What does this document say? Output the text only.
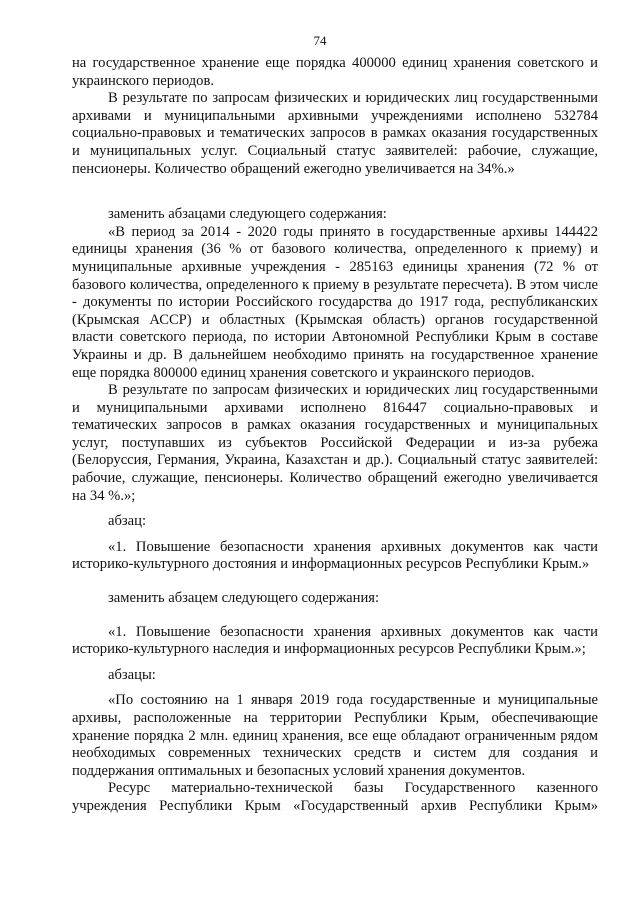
74

на государственное хранение еще порядка 400000 единиц хранения советского и украинского периодов.

В результате по запросам физических и юридических лиц государственными архивами и муниципальными архивными учреждениями исполнено 532784 социально-правовых и тематических запросов в рамках оказания государственных и муниципальных услуг. Социальный статус заявителей: рабочие, служащие, пенсионеры. Количество обращений ежегодно увеличивается на 34%.»

заменить абзацами следующего содержания:

«В период за 2014 - 2020 годы принято в государственные архивы 144422 единицы хранения (36 % от базового количества, определенного к приему) и муниципальные архивные учреждения - 285163 единицы хранения (72 % от базового количества, определенного к приему в результате пересчета). В этом числе - документы по истории Российского государства до 1917 года, республиканских (Крымская АССР) и областных (Крымская область) органов государственной власти советского периода, по истории Автономной Республики Крым в составе Украины и др. В дальнейшем необходимо принять на государственное хранение еще порядка 800000 единиц хранения советского и украинского периодов.

В результате по запросам физических и юридических лиц государственными и муниципальными архивами исполнено 816447 социально-правовых и тематических запросов в рамках оказания государственных и муниципальных услуг, поступавших из субъектов Российской Федерации и из-за рубежа (Белоруссия, Германия, Украина, Казахстан и др.). Социальный статус заявителей: рабочие, служащие, пенсионеры. Количество обращений ежегодно увеличивается на 34 %.»;

абзац:

«1. Повышение безопасности хранения архивных документов как части историко-культурного достояния и информационных ресурсов Республики Крым.»

заменить абзацем следующего содержания:

«1. Повышение безопасности хранения архивных документов как части историко-культурного наследия и информационных ресурсов Республики Крым.»;

абзацы:

«По состоянию на 1 января 2019 года государственные и муниципальные архивы, расположенные на территории Республики Крым, обеспечивающие хранение порядка 2 млн. единиц хранения, все еще обладают ограниченным рядом необходимых современных технических средств и систем для создания и поддержания оптимальных и безопасных условий хранения документов.

Ресурс материально-технической базы Государственного казенного учреждения Республики Крым «Государственный архив Республики Крым»
